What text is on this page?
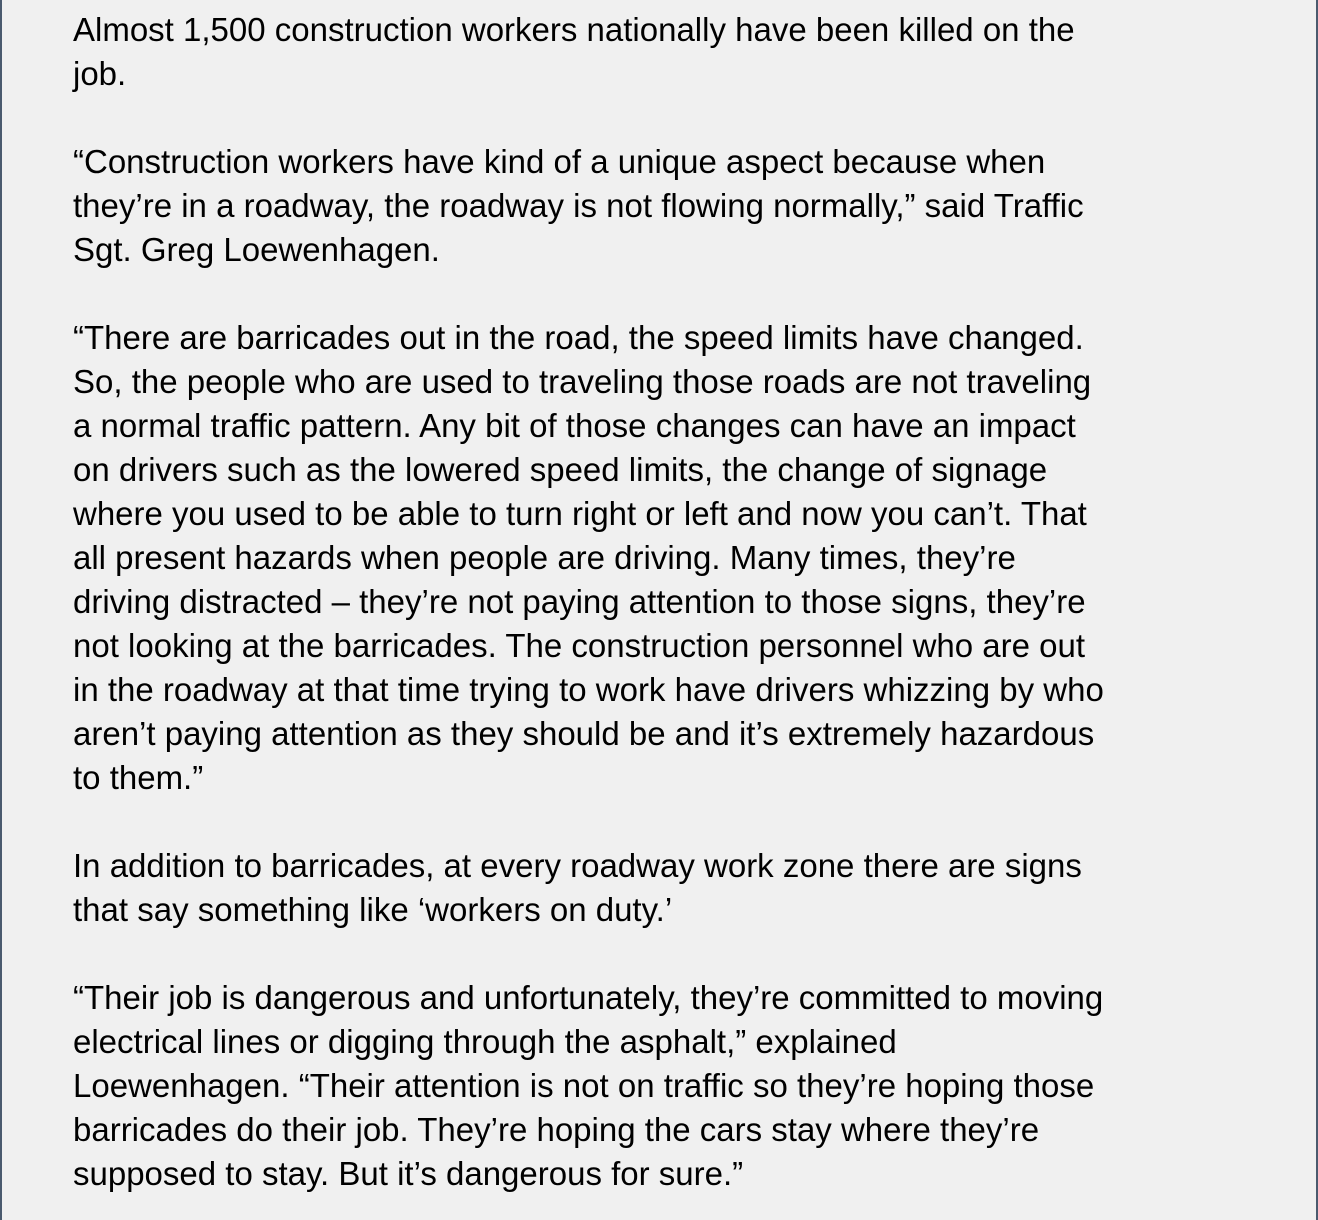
Almost 1,500 construction workers nationally have been killed on the
job.

“Construction workers have kind of a unique aspect because when
they’re in a roadway, the roadway is not flowing normally,” said Traffic
Sgt. Greg Loewenhagen.

“There are barricades out in the road, the speed limits have changed.
So, the people who are used to traveling those roads are not traveling
a normal traffic pattern. Any bit of those changes can have an impact
on drivers such as the lowered speed limits, the change of signage
where you used to be able to turn right or left and now you can’t. That
all present hazards when people are driving. Many times, they’re
driving distracted – they’re not paying attention to those signs, they’re
not looking at the barricades. The construction personnel who are out
in the roadway at that time trying to work have drivers whizzing by who
aren’t paying attention as they should be and it’s extremely hazardous
to them.”

In addition to barricades, at every roadway work zone there are signs
that say something like ‘workers on duty.’

“Their job is dangerous and unfortunately, they’re committed to moving
electrical lines or digging through the asphalt,” explained
Loewenhagen. “Their attention is not on traffic so they’re hoping those
barricades do their job. They’re hoping the cars stay where they’re
supposed to stay. But it’s dangerous for sure.”
